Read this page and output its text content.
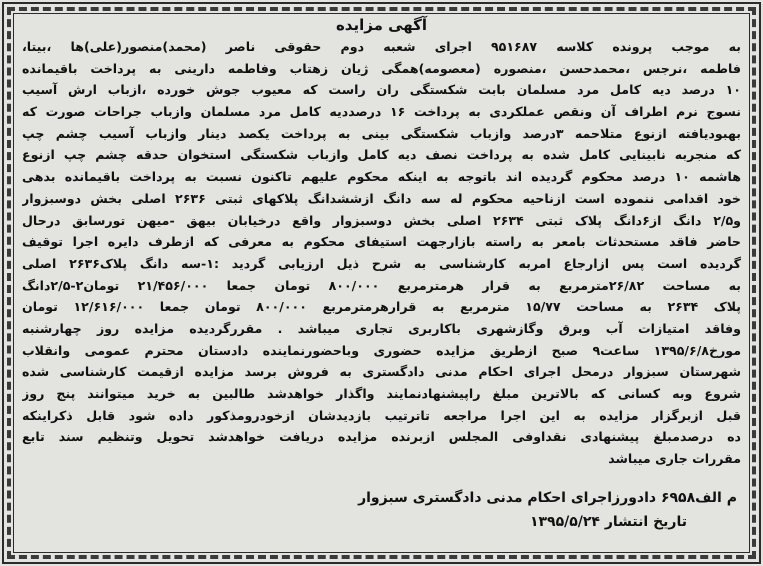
آگهی مزایده
به موجب پرونده کلاسه ۹۵۱۶۸۷ اجرای شعبه دوم حقوقی ناصر (محمد)منصور(علی)ها ،بیتا،
فاطمه ،نرجس ،محمدحسن ،منصوره (معصومه)همگی ژیان زهتاب وفاطمه دارینی به پرداخت باقیمانده
۱۰ درصد دیه کامل مرد مسلمان بابت شکستگی ران راست که معیوب جوش خورده ،ازباب ارش آسیب
نسوج نرم اطراف آن ونقص عملکردی به پرداخت ۱۶ درصددیه کامل مرد مسلمان وازباب جراحات صورت که
بهبودیافته ازنوع متلاحمه ۳درصد وازباب شکستگی بینی به پرداخت یکصد دینار وازباب آسیب چشم چپ
که منجربه نابینایی کامل شده به پرداخت نصف دیه کامل وازباب شکستگی استخوان حدقه چشم چپ ازنوع
هاشمه ۱۰ درصد محکوم گردیده اند باتوجه به اینکه محکوم علیهم تاکنون نسبت به پرداخت باقیمانده بدهی
خود اقدامی ننموده است ازناحیه محکوم له سه دانگ ازششدانگ پلاکهای ثبتی ۲۶۳۶ اصلی بخش دوسبزوار
و۲/۵ دانگ از۶دانگ پلاک ثبتی ۲۶۳۴ اصلی بخش دوسبزوار واقع درخیابان بیهق -میهن تورسابق درحال
حاضر فاقد مستحدثات بامعر به راسته بازارجهت استیفای محکوم به معرفی که ازطرف دایره اجرا توقیف
گردیده است پس ازارجاع امربه کارشناسی به شرح ذیل ارزیابی گردید :۱-سه دانگ پلاک۲۶۳۶ اصلی
به مساحت ۲۶/۸۲مترمربع به قرار هرمترمربع ۸۰۰/۰۰۰ تومان جمعا ۲۱/۴۵۶/۰۰۰ تومان۲-۲/۵دانگ
پلاک ۲۶۳۴ به مساحت ۱۵/۷۷ مترمربع به قرارهرمترمربع ۸۰۰/۰۰۰ تومان جمعا ۱۲/۶۱۶/۰۰۰ تومان
وفاقد امتیازات آب وبرق وگازشهری باکاربری تجاری میباشد . مقررگردیده مزایده روز چهارشنبه
مورخ۱۳۹۵/۶/۸ ساعت۹ صبح ازطریق مزایده حضوری وباحضورنماینده دادستان محترم عمومی وانقلاب
شهرستان سبزوار درمحل اجرای احکام مدنی دادگستری به فروش برسد مزایده ازقیمت کارشناسی شده
شروع وبه کسانی که بالاترین مبلغ راپیشنهادنمایند واگذار خواهدشد طالبین به خرید میتوانند پنج روز
قبل ازبرگزار مزایده به این اجرا مراجعه تاترتیب بازدیدشان ازخودرومذکور داده شود قابل ذکراینکه
ده درصدمبلغ پیشنهادی نقداوفی المجلس ازبرنده مزایده دریافت خواهدشد تحویل وتنظیم سند تابع
مقررات جاری میباشد
م الف۶۹۵۸ دادورزاجرای احکام مدنی دادگستری سبزوار
تاریخ انتشار ۱۳۹۵/۵/۲۴
